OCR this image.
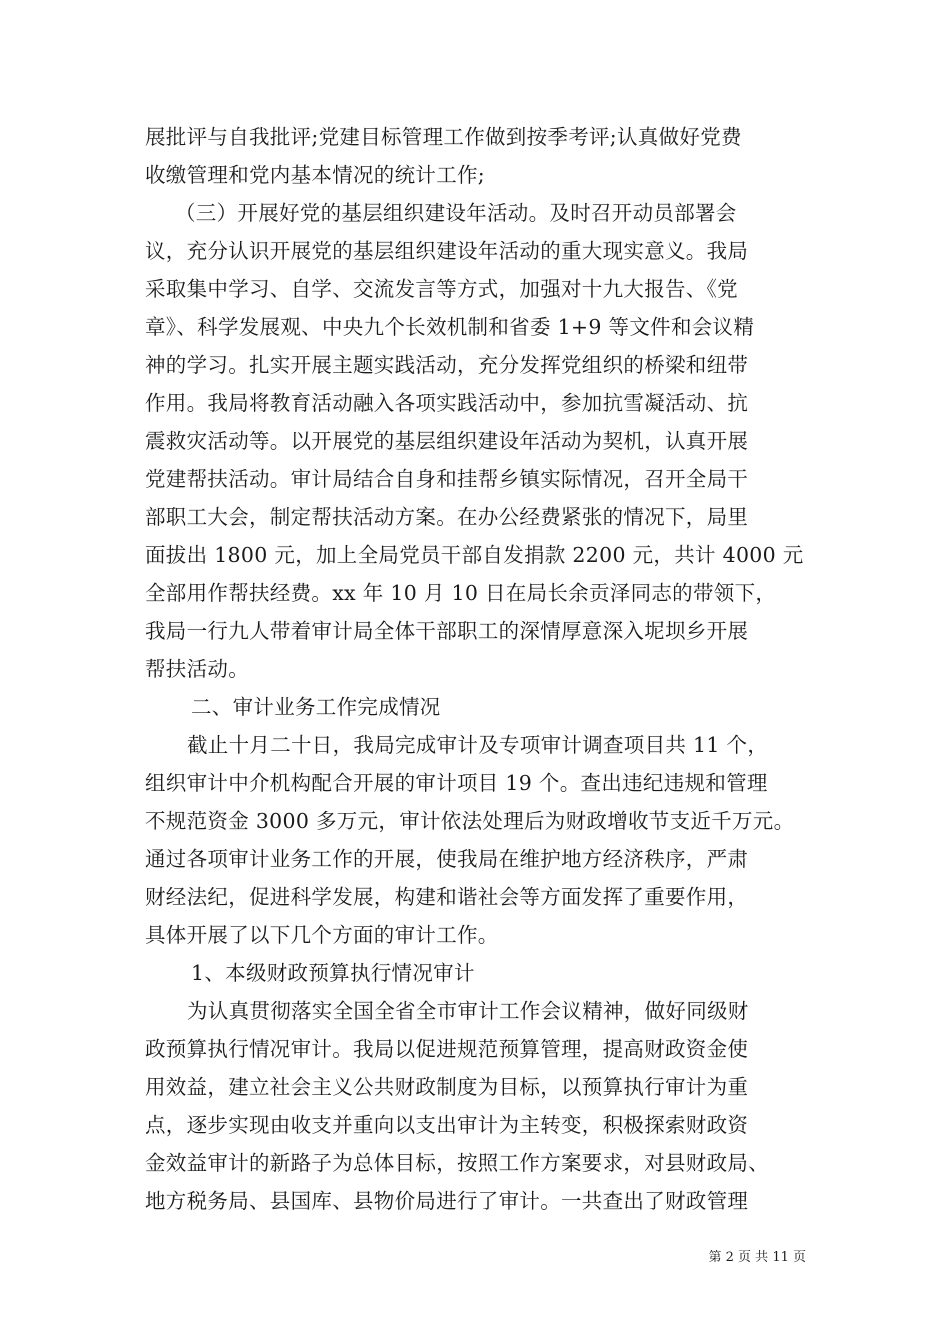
展批评与自我批评;党建目标管理工作做到按季考评;认真做好党费
收缴管理和党内基本情况的统计工作;
（三）开展好党的基层组织建设年活动。及时召开动员部署会
议，充分认识开展党的基层组织建设年活动的重大现实意义。我局
采取集中学习、自学、交流发言等方式，加强对十九大报告、《党
章》、科学发展观、中央九个长效机制和省委 1+9 等文件和会议精
神的学习。扎实开展主题实践活动，充分发挥党组织的桥梁和纽带
作用。我局将教育活动融入各项实践活动中，参加抗雪凝活动、抗
震救灾活动等。以开展党的基层组织建设年活动为契机，认真开展
党建帮扶活动。审计局结合自身和挂帮乡镇实际情况，召开全局干
部职工大会，制定帮扶活动方案。在办公经费紧张的情况下，局里
面拔出 1800 元，加上全局党员干部自发捐款 2200 元，共计 4000 元
全部用作帮扶经费。xx 年 10 月 10 日在局长余贡泽同志的带领下，
我局一行九人带着审计局全体干部职工的深情厚意深入坭坝乡开展
帮扶活动。
二、审计业务工作完成情况
截止十月二十日，我局完成审计及专项审计调查项目共 11 个，
组织审计中介机构配合开展的审计项目 19 个。查出违纪违规和管理
不规范资金 3000 多万元，审计依法处理后为财政增收节支近千万元。
通过各项审计业务工作的开展，使我局在维护地方经济秩序，严肃
财经法纪，促进科学发展，构建和谐社会等方面发挥了重要作用，
具体开展了以下几个方面的审计工作。
1、本级财政预算执行情况审计
为认真贯彻落实全国全省全市审计工作会议精神，做好同级财
政预算执行情况审计。我局以促进规范预算管理，提高财政资金使
用效益，建立社会主义公共财政制度为目标，以预算执行审计为重
点，逐步实现由收支并重向以支出审计为主转变，积极探索财政资
金效益审计的新路子为总体目标，按照工作方案要求，对县财政局、
地方税务局、县国库、县物价局进行了审计。一共查出了财政管理
第 2 页 共 11 页
